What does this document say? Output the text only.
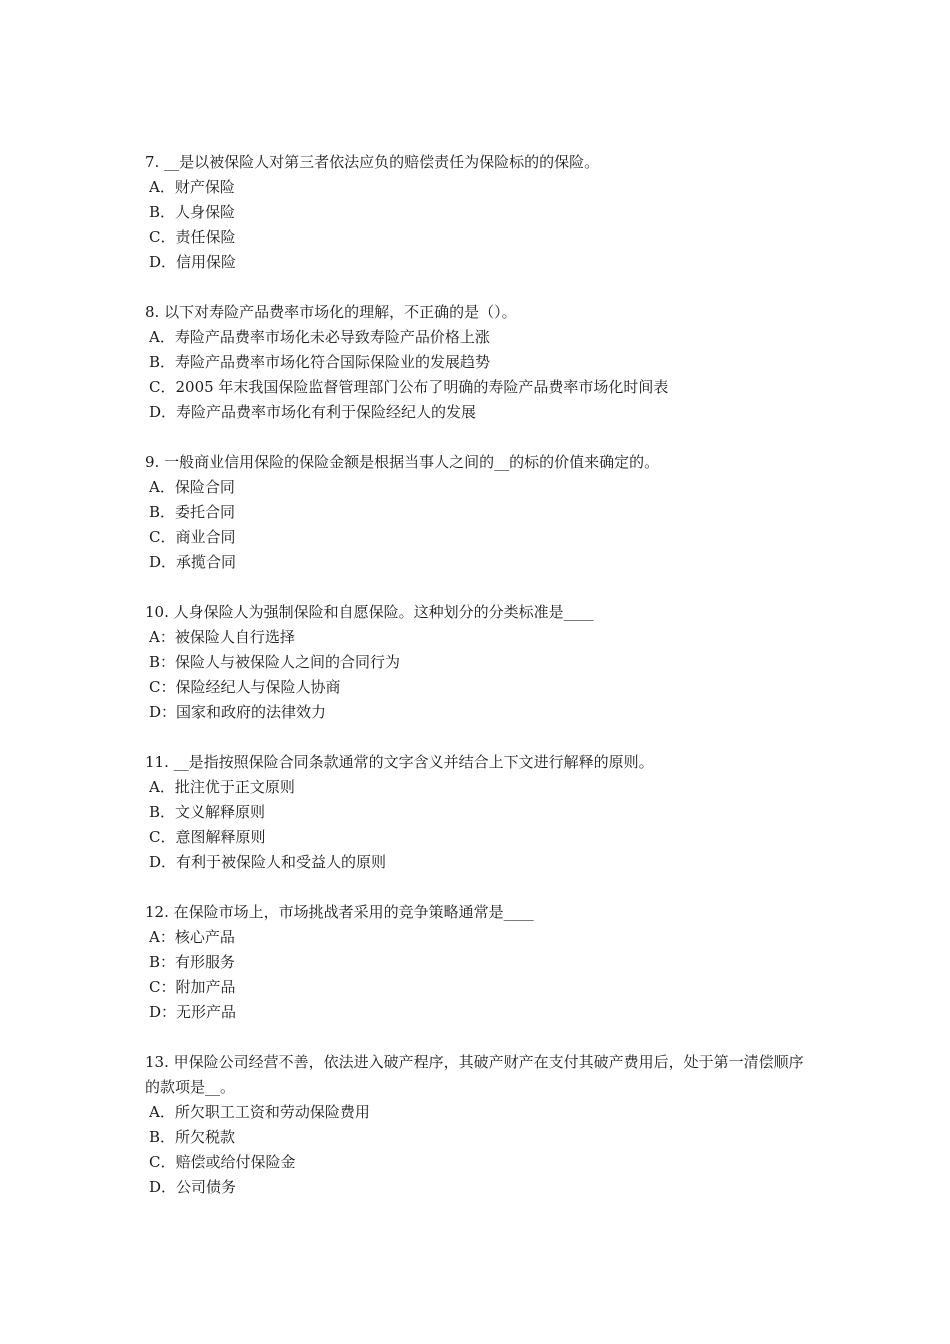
7. __是以被保险人对第三者依法应负的赔偿责任为保险标的的保险。

A．财产保险

B．人身保险

C．责任保险

D．信用保险

8. 以下对寿险产品费率市场化的理解，不正确的是（）。

A．寿险产品费率市场化未必导致寿险产品价格上涨

B．寿险产品费率市场化符合国际保险业的发展趋势

C．2005 年末我国保险监督管理部门公布了明确的寿险产品费率市场化时间表

D．寿险产品费率市场化有利于保险经纪人的发展

9. 一般商业信用保险的保险金额是根据当事人之间的__的标的价值来确定的。

A．保险合同

B．委托合同

C．商业合同

D．承揽合同

10. 人身保险人为强制保险和自愿保险。这种划分的分类标准是____

A：被保险人自行选择

B：保险人与被保险人之间的合同行为

C：保险经纪人与保险人协商

D：国家和政府的法律效力

11. __是指按照保险合同条款通常的文字含义并结合上下文进行解释的原则。

A．批注优于正文原则

B．文义解释原则

C．意图解释原则

D．有利于被保险人和受益人的原则

12. 在保险市场上，市场挑战者采用的竞争策略通常是____

A：核心产品

B：有形服务

C：附加产品

D：无形产品

13. 甲保险公司经营不善，依法进入破产程序，其破产财产在支付其破产费用后，处于第一清偿顺序的款项是__。

A．所欠职工工资和劳动保险费用

B．所欠税款

C．赔偿或给付保险金

D．公司债务
